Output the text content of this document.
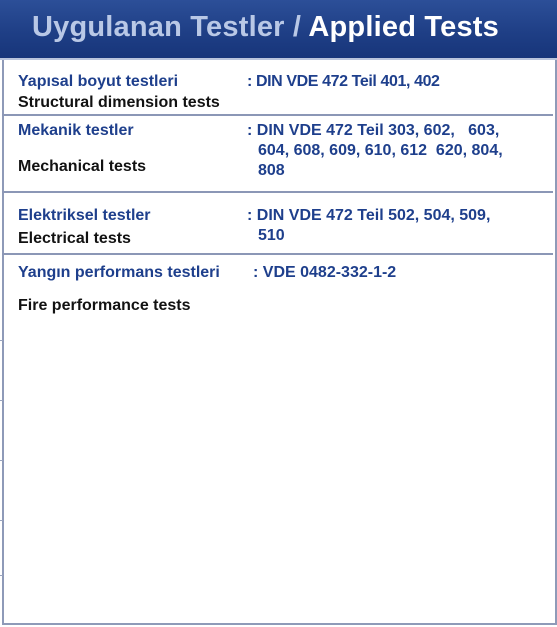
Uygulanan Testler / Applied Tests
Yapısal boyut testleri	: DIN VDE 472 Teil 401, 402
Structural dimension tests
Mekanik testler	: DIN VDE 472 Teil 303, 602,   603,
604, 608, 609, 610, 612  620, 804,
808
Mechanical tests
Elektriksel testler	: DIN VDE 472 Teil 502, 504, 509,
510
Electrical tests
Yangın performans testleri : VDE 0482-332-1-2
Fire performance tests
